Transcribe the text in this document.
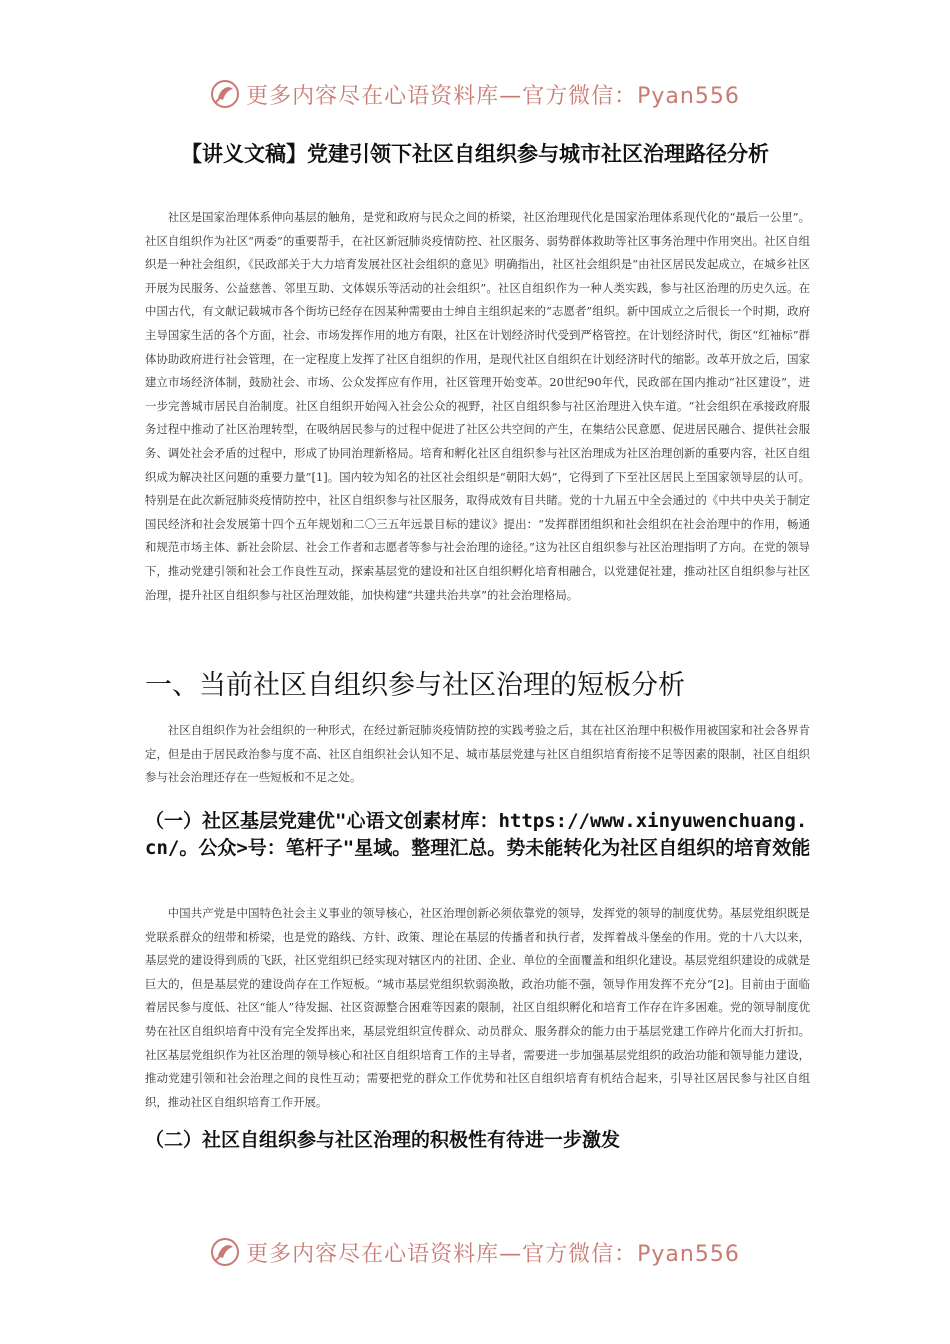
更多内容尽在心语资料库—官方微信：Pyan556
【讲义文稿】党建引领下社区自组织参与城市社区治理路径分析

社区是国家治理体系伸向基层的触角，是党和政府与民众之间的桥梁，社区治理现代化是国家治理体系现代化的“最后一公里”。社区自组织作为社区“两委”的重要帮手，在社区新冠肺炎疫情防控、社区服务、弱势群体救助等社区事务治理中作用突出。社区自组织是一种社会组织，《民政部关于大力培育发展社区社会组织的意见》明确指出，社区社会组织是“由社区居民发起成立，在城乡社区开展为民服务、公益慈善、邻里互助、文体娱乐等活动的社会组织”。社区自组织作为一种人类实践，参与社区治理的历史久远。在中国古代，有文献记载城市各个街坊已经存在因某种需要由士绅自主组织起来的“志愿者”组织。新中国成立之后很长一个时期，政府主导国家生活的各个方面，社会、市场发挥作用的地方有限，社区在计划经济时代受到严格管控。在计划经济时代，街区“红袖标”群体协助政府进行社会管理，在一定程度上发挥了社区自组织的作用，是现代社区自组织在计划经济时代的缩影。改革开放之后，国家建立市场经济体制，鼓励社会、市场、公众发挥应有作用，社区管理开始变革。20世纪90年代，民政部在国内推动“社区建设”，进一步完善城市居民自治制度。社区自组织开始闯入社会公众的视野，社区自组织参与社区治理进入快车道。“社会组织在承接政府服务过程中推动了社区治理转型，在吸纳居民参与的过程中促进了社区公共空间的产生，在集结公民意愿、促进居民融合、提供社会服务、调处社会矛盾的过程中，形成了协同治理新格局。培育和孵化社区自组织参与社区治理成为社区治理创新的重要内容，社区自组织成为解决社区问题的重要力量”[1]。国内较为知名的社区社会组织是“朝阳大妈”，它得到了下至社区居民上至国家领导层的认可。特别是在此次新冠肺炎疫情防控中，社区自组织参与社区服务，取得成效有目共睹。党的十九届五中全会通过的《中共中央关于制定国民经济和社会发展第十四个五年规划和二〇三五年远景目标的建议》提出：“发挥群团组织和社会组织在社会治理中的作用，畅通和规范市场主体、新社会阶层、社会工作者和志愿者等参与社会治理的途径。”这为社区自组织参与社区治理指明了方向。在党的领导下，推动党建引领和社会工作良性互动，探索基层党的建设和社区自组织孵化培育相融合，以党建促社建，推动社区自组织参与社区治理，提升社区自组织参与社区治理效能，加快构建“共建共治共享”的社会治理格局。

一、当前社区自组织参与社区治理的短板分析

社区自组织作为社会组织的一种形式，在经过新冠肺炎疫情防控的实践考验之后，其在社区治理中积极作用被国家和社会各界肯定，但是由于居民政治参与度不高、社区自组织社会认知不足、城市基层党建与社区自组织培育衔接不足等因素的限制，社区自组织参与社会治理还存在一些短板和不足之处。

（一）社区基层党建优"心语文创素材库：https://www.xinyuwenchuang.cn/。公众>号：笔杆子"星域。整理汇总。势未能转化为社区自组织的培育效能

中国共产党是中国特色社会主义事业的领导核心，社区治理创新必须依靠党的领导，发挥党的领导的制度优势。基层党组织既是党联系群众的纽带和桥梁，也是党的路线、方针、政策、理论在基层的传播者和执行者，发挥着战斗堡垒的作用。党的十八大以来，基层党的建设得到质的飞跃，社区党组织已经实现对辖区内的社团、企业、单位的全面覆盖和组织化建设。基层党组织建设的成就是巨大的，但是基层党的建设尚存在工作短板。“城市基层党组织软弱涣散，政治功能不强，领导作用发挥不充分”[2]。目前由于面临着居民参与度低、社区“能人”待发掘、社区资源整合困难等因素的限制，社区自组织孵化和培育工作存在许多困难。党的领导制度优势在社区自组织培育中没有完全发挥出来，基层党组织宣传群众、动员群众、服务群众的能力由于基层党建工作碎片化而大打折扣。社区基层党组织作为社区治理的领导核心和社区自组织培育工作的主导者，需要进一步加强基层党组织的政治功能和领导能力建设，推动党建引领和社会治理之间的良性互动；需要把党的群众工作优势和社区自组织培育有机结合起来，引导社区居民参与社区自组织，推动社区自组织培育工作开展。

（二）社区自组织参与社区治理的积极性有待进一步激发
更多内容尽在心语资料库—官方微信：Pyan556
